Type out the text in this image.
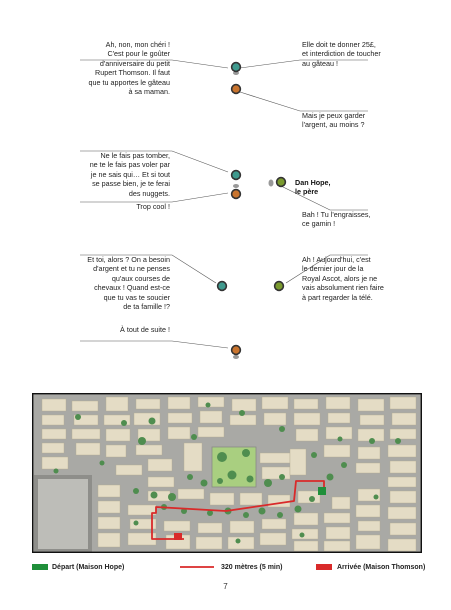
Ah, non, mon chéri !
C'est pour le goûter
d'anniversaire du petit
Rupert Thomson. Il faut
que tu apportes le gâteau
à sa maman.
Elle doit te donner 25£,
et interdiction de toucher
au gâteau !
Mais je peux garder
l'argent, au moins ?
Ne le fais pas tomber,
ne te le fais pas voler par
je ne sais qui… Et si tout
se passe bien, je te ferai
des nuggets.
Trop cool !
Dan Hope,
le père
Bah ! Tu l'engraisses,
ce gamin !
Et toi, alors ? On a besoin
d'argent et tu ne penses
qu'aux courses de
chevaux ! Quand est-ce
que tu vas te soucier
de ta famille !?
Ah ! Aujourd'hui, c'est
le dernier jour de la
Royal Ascot, alors je ne
vais absolument rien faire
à part regarder la télé.
À tout de suite !
Départ (Maison Hope)	320 mètres (5 min)	Arrivée (Maison Thomson)
7
